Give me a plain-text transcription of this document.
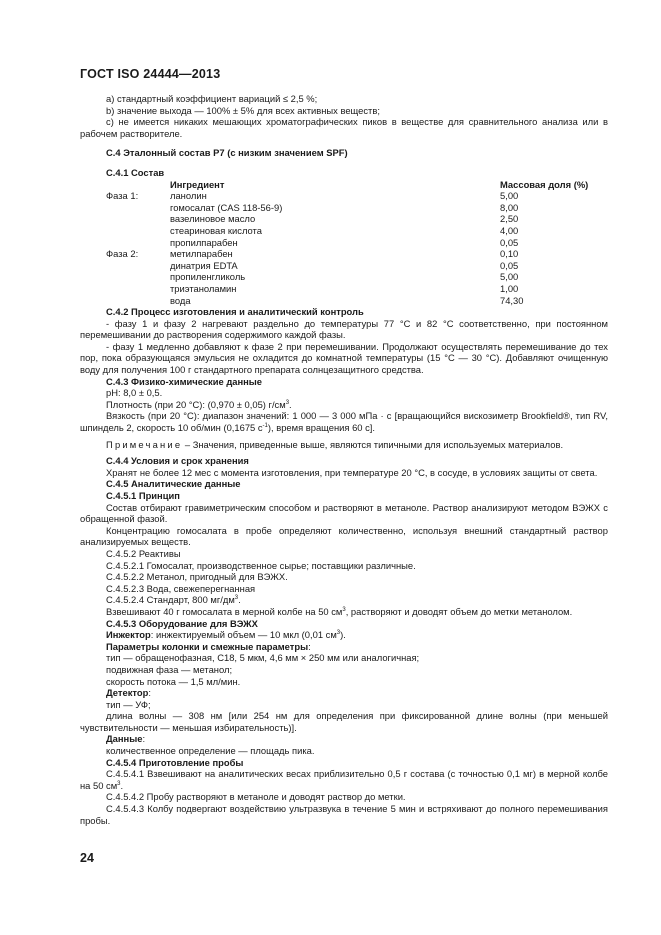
ГОСТ ISO 24444—2013

а) стандартный коэффициент вариаций ≤ 2,5 %;

b) значение выхода — 100% ± 5% для всех активных веществ;

с) не имеется никаких мешающих хроматографических пиков в веществе для сравнительного анализа или в рабочем растворителе.

С.4 Эталонный состав Р7 (с низким значением SPF)

С.4.1 Состав

	Ингредиент	Массовая доля (%)
Фаза 1:	ланолин	5,00
	гомосалат (CAS 118-56-9)	8,00
	вазелиновое масло	2,50
	стеариновая кислота	4,00
	пропилпарабен	0,05
Фаза 2:	метилпарабен	0,10
	динатрия EDTA	0,05
	пропиленгликоль	5,00
	триэтаноламин	1,00
	вода	74,30

С.4.2 Процесс изготовления и аналитический контроль

- фазу 1 и фазу 2 нагревают раздельно до температуры 77 °С и 82 °С соответственно, при постоянном перемешивании до растворения содержимого каждой фазы.

- фазу 1 медленно добавляют к фазе 2 при перемешивании. Продолжают осуществлять перемешивание до тех пор, пока образующаяся эмульсия не охладится до комнатной температуры (15 °С — 30 °С). Добавляют очищенную воду для получения 100 г стандартного препарата солнцезащитного средства.

С.4.3 Физико-химические данные

рН: 8,0 ± 0,5.

Плотность (при 20 °С): (0,970 ± 0,05) $г/см^3$.

Вязкость (при 20 °С): диапазон значений: 1 000 — 3 000 мПа · с [вращающийся вискозиметр Brookfield®, тип RV, шпиндель 2, скорость 10 об/мин (0,1675 $с^{-1}$), время вращения 60 с].

Примечание – Значения, приведенные выше, являются типичными для используемых материалов.

С.4.4 Условия и срок хранения

Хранят не более 12 мес с момента изготовления, при температуре 20 °С, в сосуде, в условиях защиты от света.

С.4.5 Аналитические данные

С.4.5.1 Принцип

Состав отбирают гравиметрическим способом и растворяют в метаноле. Раствор анализируют методом ВЭЖХ с обращенной фазой.

Концентрацию гомосалата в пробе определяют количественно, используя внешний стандартный раствор анализируемых веществ.

С.4.5.2 Реактивы

С.4.5.2.1 Гомосалат, производственное сырье; поставщики различные.

С.4.5.2.2 Метанол, пригодный для ВЭЖХ.

С.4.5.2.3 Вода, свежеперегнанная

С.4.5.2.4 Стандарт, 800 $мг/дм^3$.

Взвешивают 40 г гомосалата в мерной колбе на 50 $см^3$, растворяют и доводят объем до метки метанолом.

С.4.5.3 Оборудование для ВЭЖХ

Инжектор: инжектируемый объем — 10 мкл (0,01 $см^3$).

Параметры колонки и смежные параметры:

тип — обращенофазная, С18, 5 мкм, 4,6 мм × 250 мм или аналогичная;

подвижная фаза — метанол;

скорость потока — 1,5 мл/мин.

Детектор:

тип — УФ;

длина волны — 308 нм [или 254 нм для определения при фиксированной длине волны (при меньшей чувствительности — меньшая избирательность)].

Данные:

количественное определение — площадь пика.

С.4.5.4 Приготовление пробы

С.4.5.4.1 Взвешивают на аналитических весах приблизительно 0,5 г состава (с точностью 0,1 мг) в мерной колбе на 50 $см^3$.

С.4.5.4.2 Пробу растворяют в метаноле и доводят раствор до метки.

С.4.5.4.3 Колбу подвергают воздействию ультразвука в течение 5 мин и встряхивают до полного перемешивания пробы.

24
